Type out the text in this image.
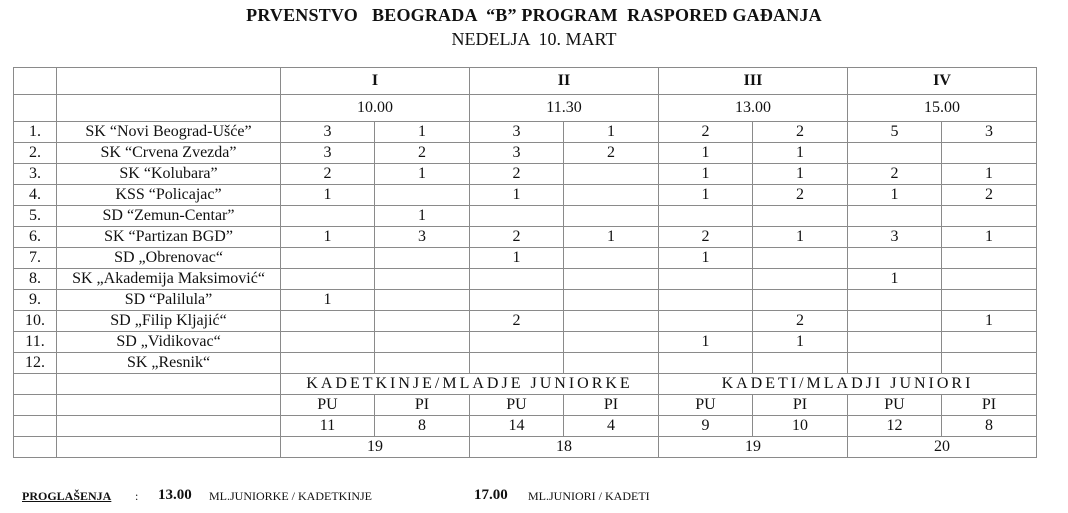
PRVENSTVO   BEOGRADA  “B” PROGRAM  RASPORED GAĐANJA
NEDELJA  10. MART
		I		II		III		IV	
		10.00		11.30		13.00		15.00	
1.	SK “Novi Beograd-Ušće”	3	1	3	1	2	2	5	3
2.	SK “Crvena Zvezda”	3	2	3	2	1	1		
3.	SK “Kolubara”	2	1	2		1	1	2	1
4.	KSS “Policajac”	1		1		1	2	1	2
5.	SD “Zemun-Centar”		1						
6.	SK “Partizan BGD”	1	3	2	1	2	1	3	1
7.	SD „Obrenovac“			1		1			
8.	SK „Akademija Maksimović“							1	
9.	SD “Palilula”	1							
10.	SD „Filip Kljajić“			2			2		1
11.	SD „Vidikovac“					1	1		
12.	SK „Resnik“								
		KADETKINJE/MLADJE JUNIORKE				KADETI/MLADJI JUNIORI			
		PU	PI	PU	PI	PU	PI	PU	PI
		11	8	14	4	9	10	12	8
		19		18		19		20	
PROGLAŠENJA : 13.00 ML.JUNIORKE / KADETKINJE	17.00 ML.JUNIORI / KADETI
